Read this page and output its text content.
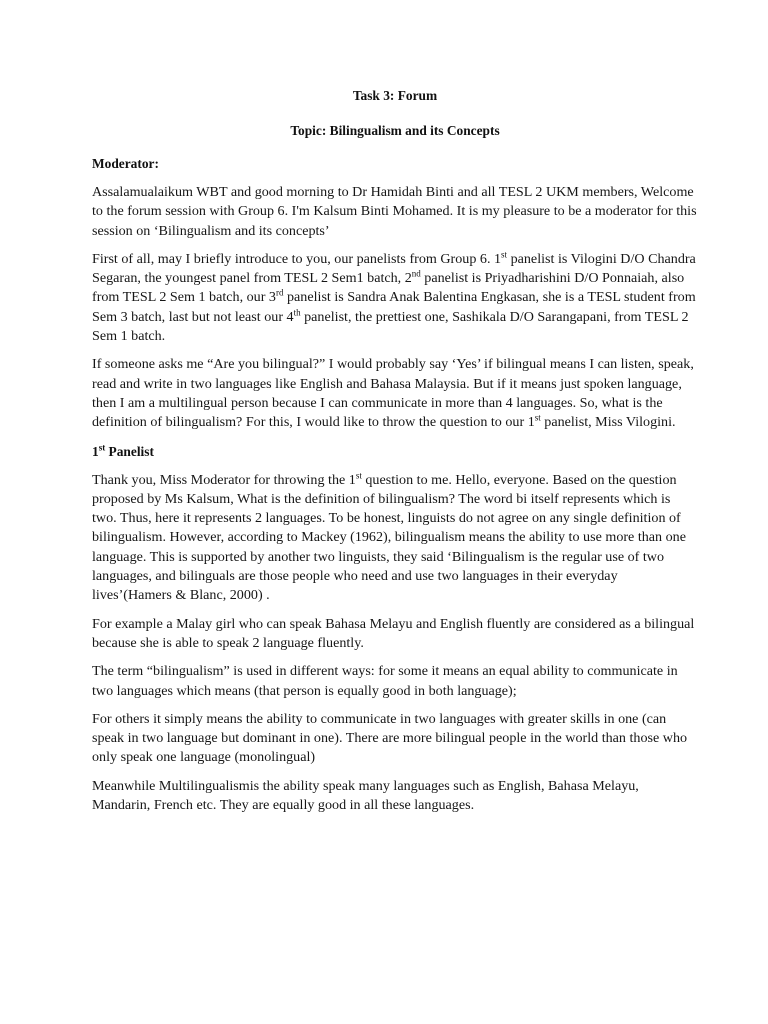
Task 3: Forum
Topic: Bilingualism and its Concepts
Moderator:

Assalamualaikum WBT and good morning to Dr Hamidah Binti and all TESL 2 UKM members, Welcome to the forum session with Group 6. I'm Kalsum Binti Mohamed. It is my pleasure to be a moderator for this session on ‘Bilingualism and its concepts’

First of all, may I briefly introduce to you, our panelists from Group 6. 1st panelist is Vilogini D/O Chandra Segaran, the youngest panel from TESL 2 Sem1 batch, 2nd panelist is Priyadharishini D/O Ponnaiah, also from TESL 2 Sem 1 batch, our 3rd panelist is Sandra Anak Balentina Engkasan, she is a TESL student from Sem 3 batch, last but not least our 4th panelist, the prettiest one, Sashikala D/O Sarangapani, from TESL 2 Sem 1 batch.

If someone asks me “Are you bilingual?” I would probably say ‘Yes’ if bilingual means I can listen, speak, read and write in two languages like English and Bahasa Malaysia. But if it means just spoken language, then I am a multilingual person because I can communicate in more than 4 languages. So, what is the definition of bilingualism? For this, I would like to throw the question to our 1st panelist, Miss Vilogini.

1st Panelist

Thank you, Miss Moderator for throwing the 1st question to me. Hello, everyone. Based on the question proposed by Ms Kalsum, What is the definition of bilingualism? The word bi itself represents which is two. Thus, here it represents 2 languages. To be honest, linguists do not agree on any single definition of bilingualism. However, according to Mackey (1962), bilingualism means the ability to use more than one language. This is supported by another two linguists, they said ‘Bilingualism is the regular use of two languages, and bilinguals are those people who need and use two languages in their everyday lives’(Hamers & Blanc, 2000) .

For example a Malay girl who can speak Bahasa Melayu and English fluently are considered as a bilingual because she is able to speak 2 language fluently.

The term “bilingualism” is used in different ways: for some it means an equal ability to communicate in two languages which means (that person is equally good in both language);

For others it simply means the ability to communicate in two languages with greater skills in one (can speak in two language but dominant in one). There are more bilingual people in the world than those who only speak one language (monolingual)

Meanwhile Multilingualismis the ability speak many languages such as English, Bahasa Melayu, Mandarin, French etc. They are equally good in all these languages.
